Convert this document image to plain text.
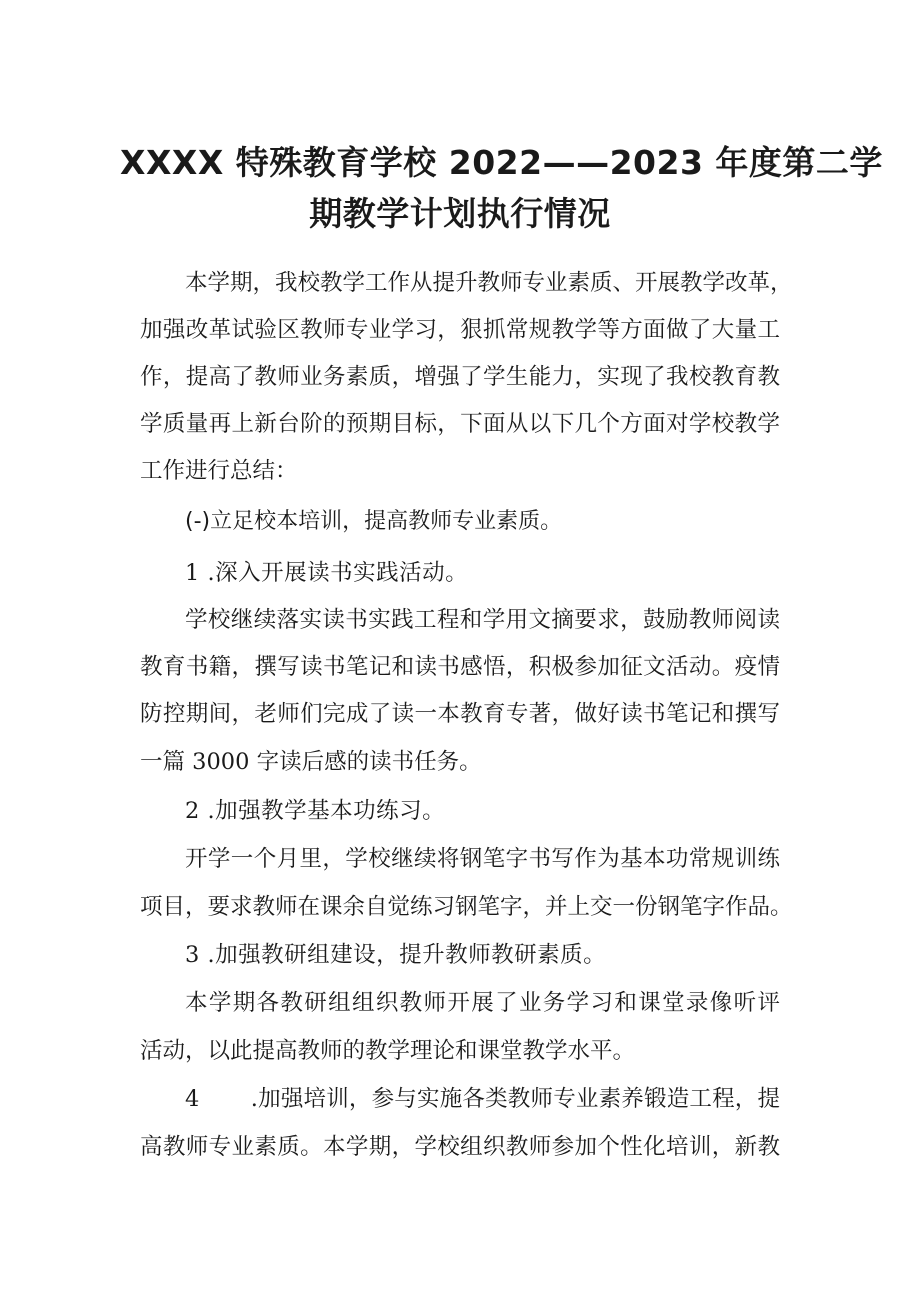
XXXX 特殊教育学校 2022——2023 年度第二学
期教学计划执行情况

本学期，我校教学工作从提升教师专业素质、开展教学改革，

加强改革试验区教师专业学习，狠抓常规教学等方面做了大量工

作，提高了教师业务素质，增强了学生能力，实现了我校教育教

学质量再上新台阶的预期目标，下面从以下几个方面对学校教学

工作进行总结：

(-)立足校本培训，提高教师专业素质。

1 .深入开展读书实践活动。

学校继续落实读书实践工程和学用文摘要求，鼓励教师阅读

教育书籍，撰写读书笔记和读书感悟，积极参加征文活动。疫情

防控期间，老师们完成了读一本教育专著，做好读书笔记和撰写

一篇 3000 字读后感的读书任务。

2 .加强教学基本功练习。

开学一个月里，学校继续将钢笔字书写作为基本功常规训练

项目，要求教师在课余自觉练习钢笔字，并上交一份钢笔字作品。

3 .加强教研组建设，提升教师教研素质。

本学期各教研组组织教师开展了业务学习和课堂录像听评

活动，以此提高教师的教学理论和课堂教学水平。

4       .加强培训，参与实施各类教师专业素养锻造工程，提

高教师专业素质。本学期，学校组织教师参加个性化培训，新教
